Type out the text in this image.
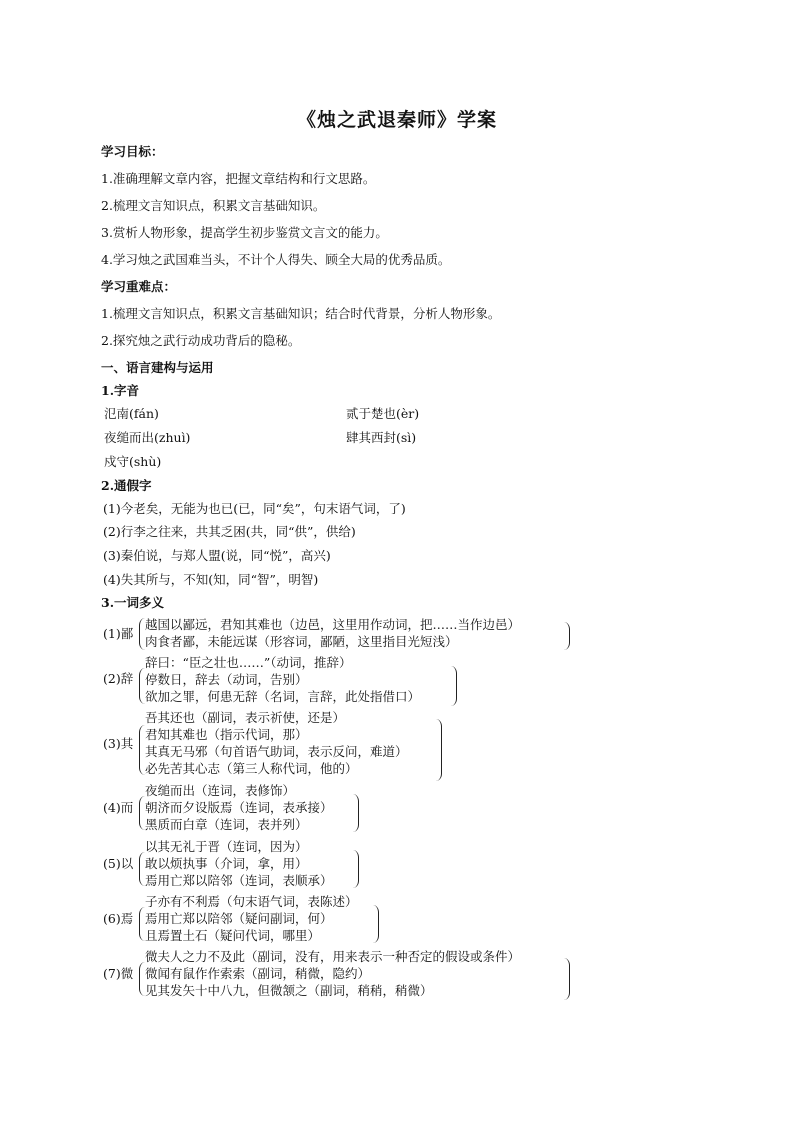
《烛之武退秦师》学案
学习目标：
1.准确理解文章内容，把握文章结构和行文思路。
2.梳理文言知识点，积累文言基础知识。
3.赏析人物形象，提高学生初步鉴赏文言文的能力。
4.学习烛之武国难当头，不计个人得失、顾全大局的优秀品质。
学习重难点：
1.梳理文言知识点，积累文言基础知识；结合时代背景，分析人物形象。
2.探究烛之武行动成功背后的隐秘。
一、语言建构与运用
1.字音
氾南(fán)	贰于楚也(èr)
夜缒而出(zhuì)	肆其西封(sì)
戍守(shù)
2.通假字
(1)今老矣，无能为也已(已，同“矣”，句末语气词，了)
(2)行李之往来，共其乏困(共，同“供”，供给)
(3)秦伯说，与郑人盟(说，同“悦”，高兴)
(4)失其所与，不知(知，同“智”，明智)
3.一词多义
(1)鄙
越国以鄙远，君知其难也（边邑，这里用作动词，把……当作边邑）
肉食者鄙，未能远谋（形容词，鄙陋，这里指目光短浅）
(2)辞
辞曰：“臣之壮也……”（动词，推辞）
停数日，辞去（动词，告别）
欲加之罪，何患无辞（名词，言辞，此处指借口）
(3)其
吾其还也（副词，表示祈使，还是）
君知其难也（指示代词，那）
其真无马邪（句首语气助词，表示反问，难道）
必先苦其心志（第三人称代词，他的）
(4)而
夜缒而出（连词，表修饰）
朝济而夕设版焉（连词，表承接）
黑质而白章（连词，表并列）
(5)以
以其无礼于晋（连词，因为）
敢以烦执事（介词，拿，用）
焉用亡郑以陪邻（连词，表顺承）
(6)焉
子亦有不利焉（句末语气词，表陈述）
焉用亡郑以陪邻（疑问副词，何）
且焉置土石（疑问代词，哪里）
(7)微
微夫人之力不及此（副词，没有，用来表示一种否定的假设或条件）
微闻有鼠作作索索（副词，稍微，隐约）
见其发矢十中八九，但微颔之（副词，稍稍，稍微）
